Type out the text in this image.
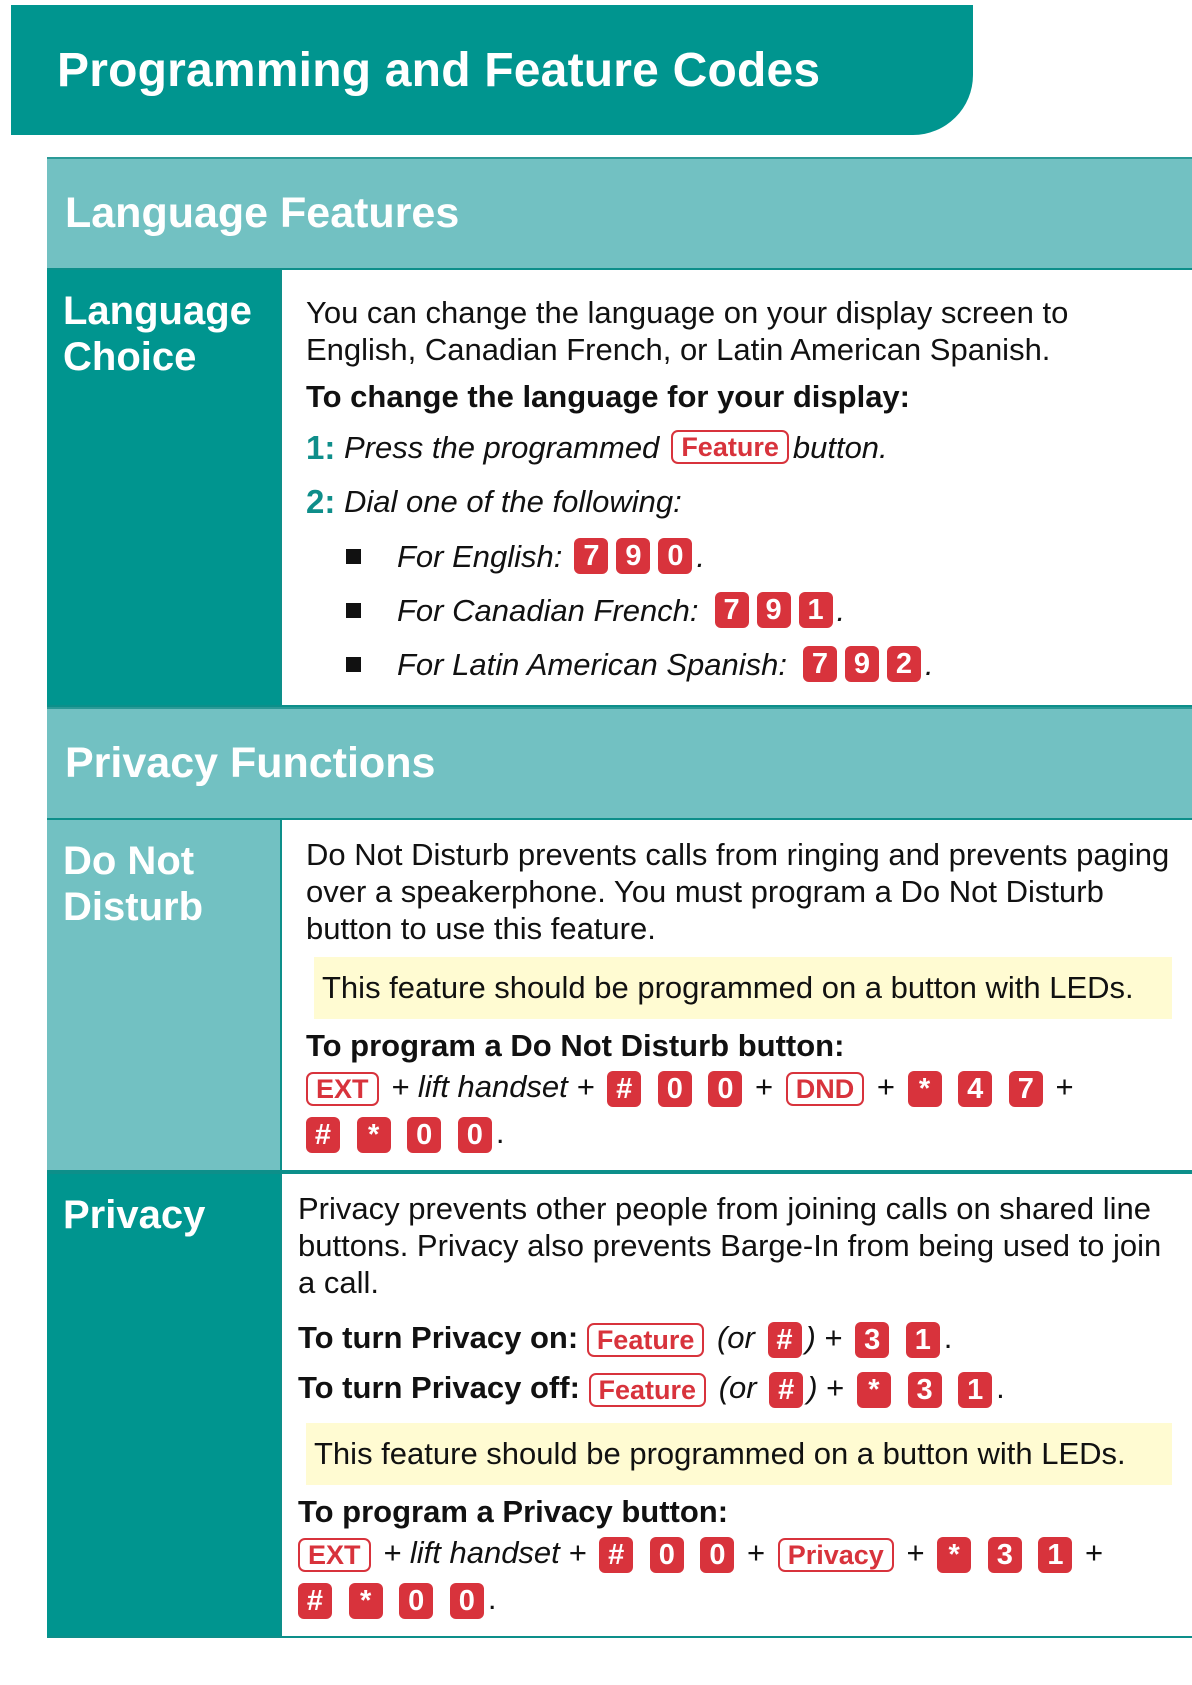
Programming and Feature Codes
Language Features
Language Choice

You can change the language on your display screen to English, Canadian French, or Latin American Spanish.

To change the language for your display:

1: Press the programmed Feature button.
2: Dial one of the following:
For English: 7 9 0 .
For Canadian French: 7 9 1 .
For Latin American Spanish: 7 9 2 .
Privacy Functions
Do Not Disturb

Do Not Disturb prevents calls from ringing and prevents paging over a speakerphone. You must program a Do Not Disturb button to use this feature.

This feature should be programmed on a button with LEDs.

To program a Do Not Disturb button:

EXT + lift handset + # 0 0 + DND + * 4 7 +
# * 0 0 .

Privacy	Privacy prevents other people from joining calls on shared line buttons. Privacy also prevents Barge-In from being used to join a call.

To turn Privacy on: Feature (or # ) + 3 1 .

To turn Privacy off: Feature (or # ) + * 3 1 .

This feature should be programmed on a button with LEDs.

To program a Privacy button:

EXT + lift handset + # 0 0 + Privacy + * 3 1 +
# * 0 0 .
